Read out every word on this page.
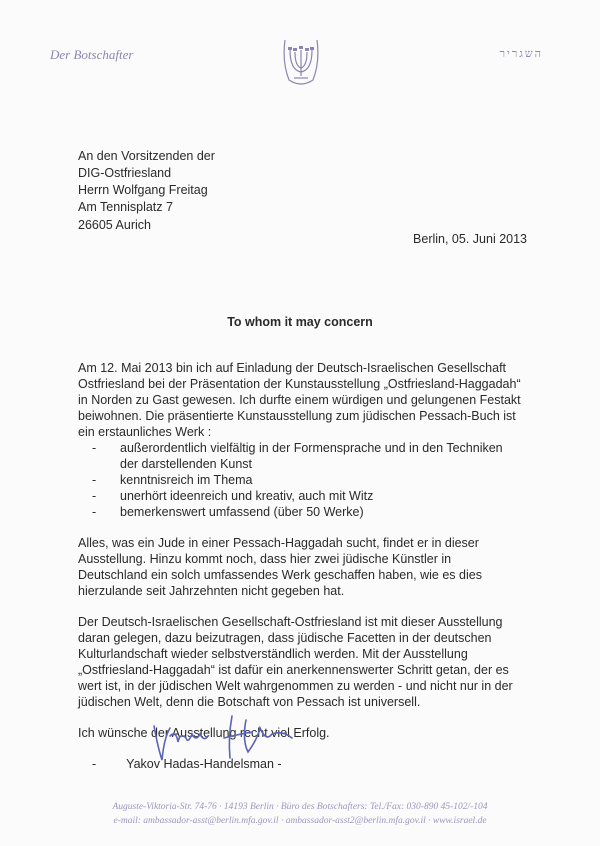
Der Botschafter	השגריר
An den Vorsitzenden der
DIG-Ostfriesland
Herrn Wolfgang Freitag
Am Tennisplatz 7
26605 Aurich
Berlin, 05. Juni 2013
To whom it may concern

Am 12. Mai 2013 bin ich auf Einladung der Deutsch-Israelischen Gesellschaft Ostfriesland bei der Präsentation der Kunstausstellung „Ostfriesland-Haggadah“ in Norden zu Gast gewesen. Ich durfte einem würdigen und gelungenen Festakt beiwohnen. Die präsentierte Kunstausstellung zum jüdischen Pessach-Buch ist ein erstaunliches Werk :

- außerordentlich vielfältig in der Formensprache und in den Techniken der darstellenden Kunst
- kenntnisreich im Thema
- unerhört ideenreich und kreativ, auch mit Witz
- bemerkenswert umfassend (über 50 Werke)

Alles, was ein Jude in einer Pessach-Haggadah sucht, findet er in dieser Ausstellung. Hinzu kommt noch, dass hier zwei jüdische Künstler in Deutschland ein solch umfassendes Werk geschaffen haben, wie es dies hierzulande seit Jahrzehnten nicht gegeben hat.

Der Deutsch-Israelischen Gesellschaft-Ostfriesland ist mit dieser Ausstellung daran gelegen, dazu beizutragen, dass jüdische Facetten in der deutschen Kulturlandschaft wieder selbstverständlich werden. Mit der Ausstellung „Ostfriesland-Haggadah“ ist dafür ein anerkennenswerter Schritt getan, der es wert ist, in der jüdischen Welt wahrgenommen zu werden - und nicht nur in der jüdischen Welt, denn die Botschaft von Pessach ist universell.

Ich wünsche der Ausstellung recht viel Erfolg.

- Yakov Hadas-Handelsman -
Auguste-Viktoria-Str. 74-76 · 14193 Berlin · Büro des Botschafters: Tel./Fax: 030-890 45-102/-104
e-mail: ambassador-asst@berlin.mfa.gov.il · ambassador-asst2@berlin.mfa.gov.il · www.israel.de
